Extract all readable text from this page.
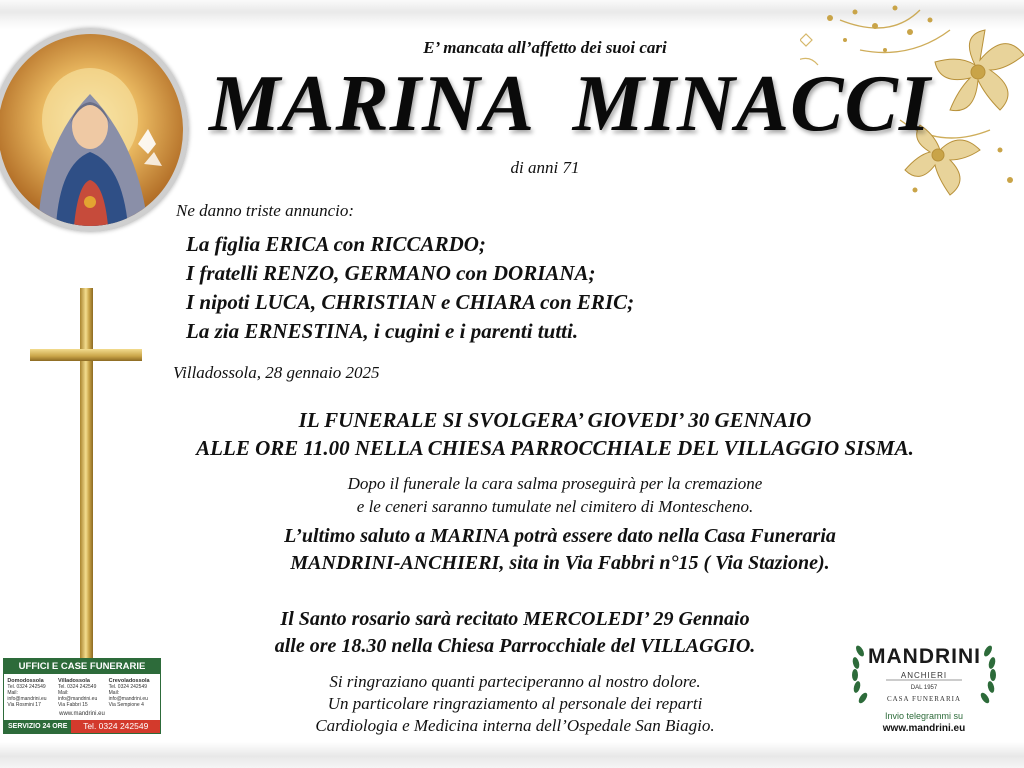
E’ mancata all’affetto dei suoi cari
MARINA  MINACCI
di anni 71
Ne danno triste annuncio:
La figlia ERICA con RICCARDO;
I fratelli RENZO, GERMANO con DORIANA;
I nipoti LUCA, CHRISTIAN e CHIARA con ERIC;
La zia ERNESTINA, i cugini e i parenti tutti.
Villadossola, 28 gennaio 2025
IL FUNERALE SI SVOLGERA’ GIOVEDI’ 30 GENNAIO
ALLE ORE 11.00 NELLA CHIESA PARROCCHIALE DEL VILLAGGIO SISMA.
Dopo il funerale la cara salma proseguirà per la cremazione
e le ceneri saranno tumulate nel cimitero di Montescheno.
L’ultimo saluto a MARINA potrà essere dato nella Casa Funeraria
MANDRINI-ANCHIERI, sita in Via Fabbri n°15 ( Via Stazione).
Il Santo rosario sarà recitato MERCOLEDI’ 29 Gennaio
alle ore 18.30 nella Chiesa Parrocchiale del VILLAGGIO.
Si ringraziano quanti parteciperanno al nostro dolore.
Un particolare ringraziamento al personale dei reparti
Cardiologia e Medicina interna dell’Ospedale San Biagio.
UFFICI E CASE FUNERARIE
Domodossola
Tel. 0324 242549
Mail: info@mandrini.eu
Via Rosmini 17
Villadossola
Tel. 0324 242549
Mail: info@mandrini.eu
Via Fabbri 15
Crevoladossola
Tel. 0324 242549
Mail: info@mandrini.eu
Via Sempione 4
www.mandrini.eu
SERVIZIO 24 ORE	Tel. 0324 242549
MANDRINI
ANCHIERI
DAL 1957
CASA FUNERARIA
Invio telegrammi su
www.mandrini.eu
